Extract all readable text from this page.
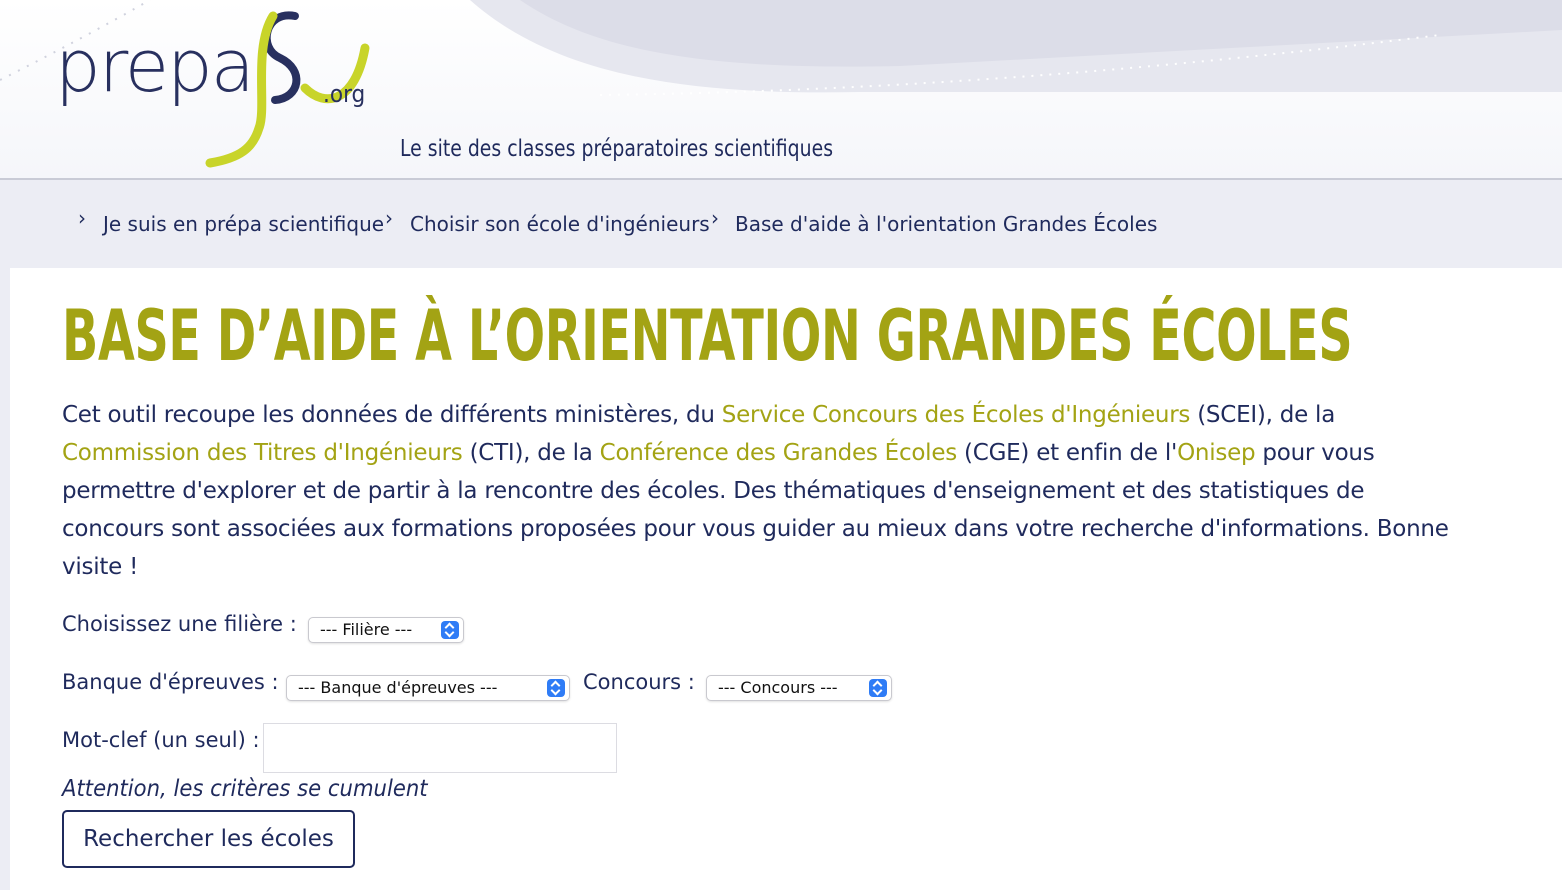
prepa	.org
Le site des classes préparatoires scientifiques
› Je suis en prépa scientifique › Choisir son école d'ingénieurs › Base d'aide à l'orientation Grandes Écoles
BASE D’AIDE À L’ORIENTATION GRANDES ÉCOLES

Cet outil recoupe les données de différents ministères, du Service Concours des Écoles d'Ingénieurs (SCEI), de la Commission des Titres d'Ingénieurs (CTI), de la Conférence des Grandes Écoles (CGE) et enfin de l'Onisep pour vous permettre d'explorer et de partir à la rencontre des écoles. Des thématiques d'enseignement et des statistiques de concours sont associées aux formations proposées pour vous guider au mieux dans votre recherche d'informations. Bonne visite !

Choisissez une filière :	--- Filière ---
Banque d'épreuves :	--- Banque d'épreuves ---	Concours :	--- Concours ---
Mot-clef (un seul) :
Attention, les critères se cumulent
Rechercher les écoles
